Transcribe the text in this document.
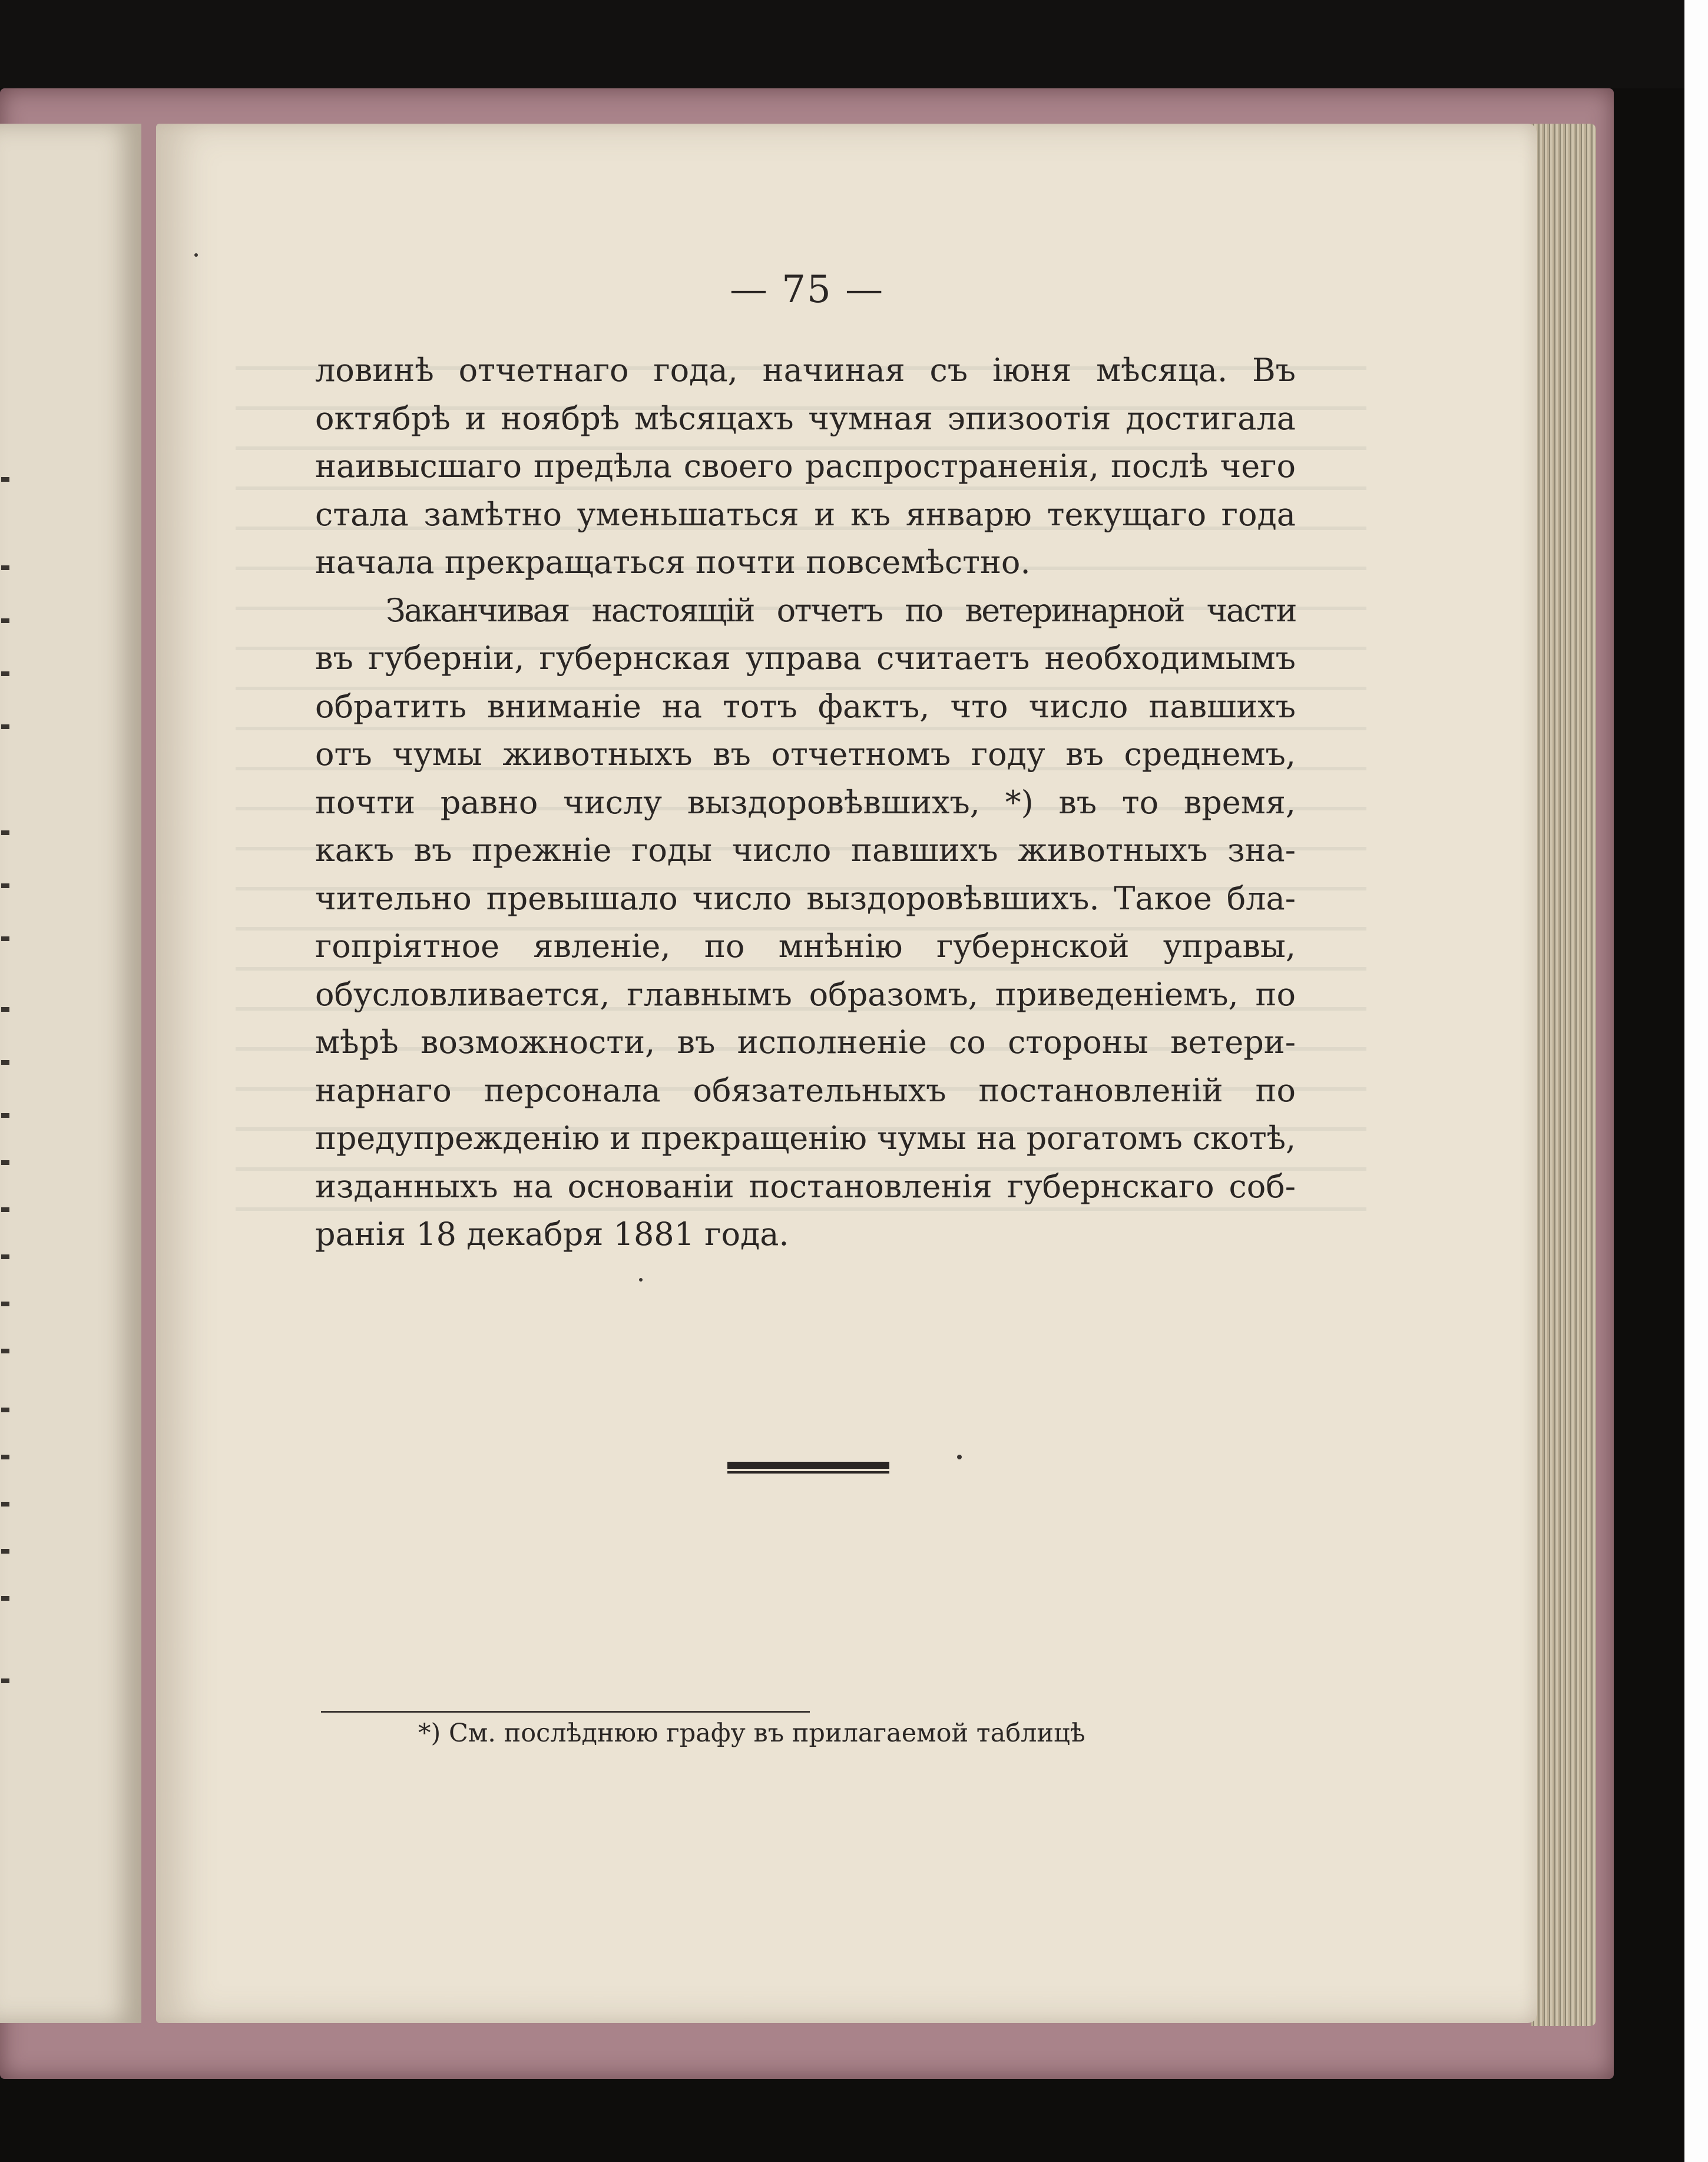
— 75 —

ловинѣ отчетнаго года, начиная съ іюня мѣсяца. Въ

октябрѣ и ноябрѣ мѣсяцахъ чумная эпизоотія достигала

наивысшаго предѣла своего распространенія, послѣ чего

стала замѣтно уменьшаться и къ январю текущаго года

начала прекращаться почти повсемѣстно.

Заканчивая настоящій отчетъ по ветеринарной части

въ губерніи, губернская управа считаетъ необходимымъ

обратить вниманіе на тотъ фактъ, что число павшихъ

отъ чумы животныхъ въ отчетномъ году въ среднемъ,

почти равно числу выздоровѣвшихъ, *) въ то время,

какъ въ прежніе годы число павшихъ животныхъ зна-

чительно превышало число выздоровѣвшихъ. Такое бла-

гопріятное явленіе, по мнѣнію губернской управы,

обусловливается, главнымъ образомъ, приведеніемъ, по

мѣрѣ возможности, въ исполненіе со стороны ветери-

нарнаго персонала обязательныхъ постановленій по

предупрежденію и прекращенію чумы на рогатомъ скотѣ,

изданныхъ на основаніи постановленія губернскаго соб-

ранія 18 декабря 1881 года.

*) См. послѣднюю графу въ прилагаемой таблицѣ
